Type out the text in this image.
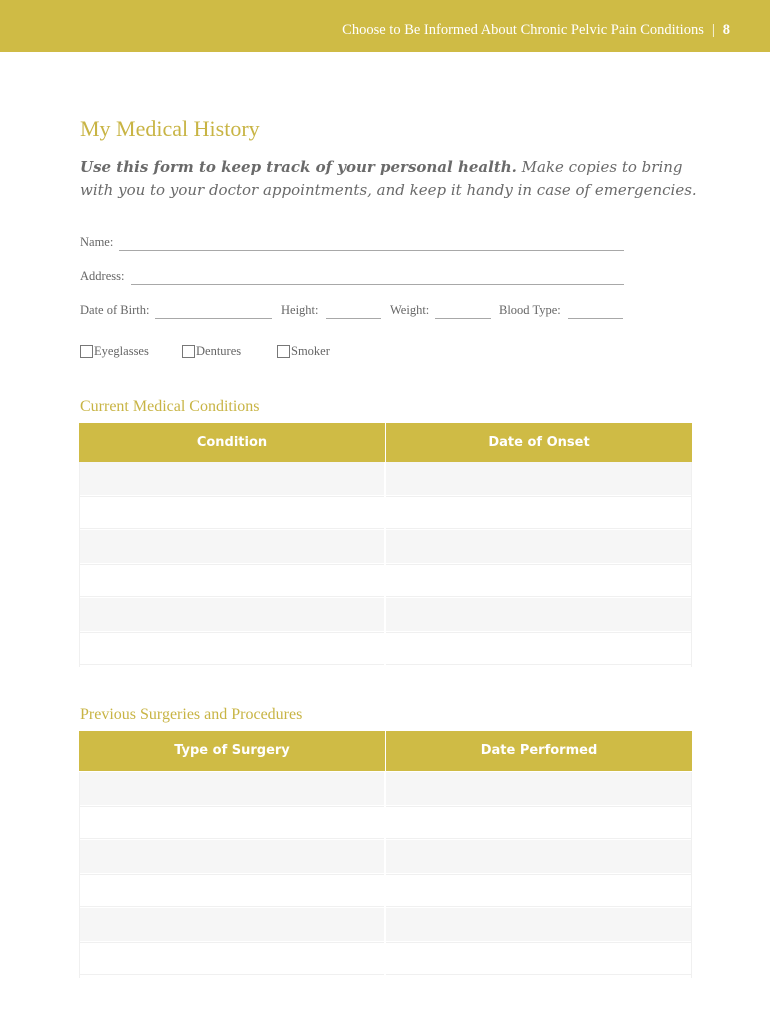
Choose to Be Informed About Chronic Pelvic Pain Conditions | 8
My Medical History
Use this form to keep track of your personal health. Make copies to bring with you to your doctor appointments, and keep it handy in case of emergencies.
Name:
Address:
Date of Birth:	Height:	Weight:	Blood Type:
Eyeglasses	Dentures	Smoker
Current Medical Conditions
Condition	Date of Onset
Previous Surgeries and Procedures
Type of Surgery	Date Performed
